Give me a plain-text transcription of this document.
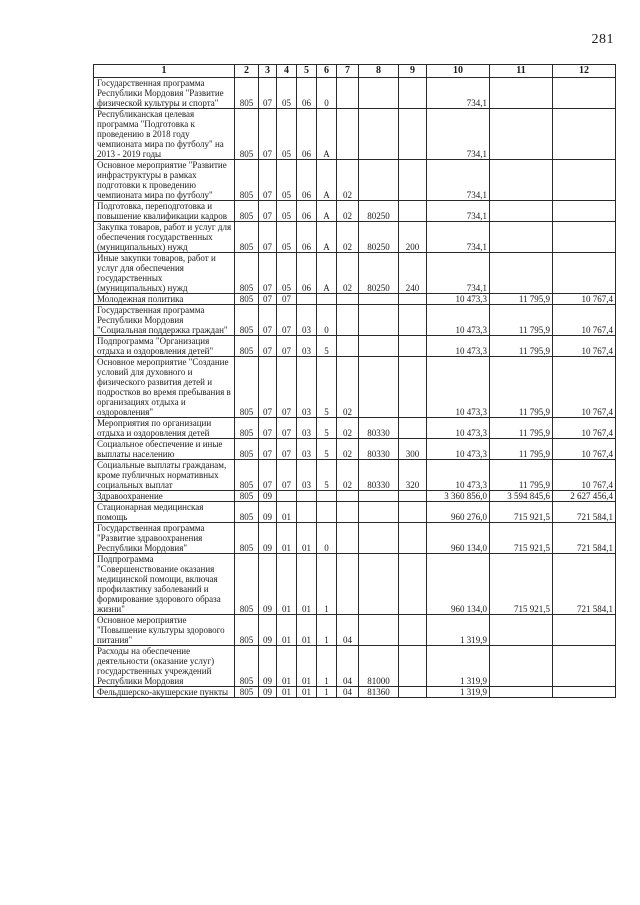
281
1	2	3	4	5	6	7	8	9	10	11	12
Государственная программа Республики Мордовия "Развитие физической культуры и спорта"	805	07	05	06	0				734,1		
Республиканская целевая программа "Подготовка к проведению в 2018 году чемпионата мира по футболу" на 2013 - 2019 годы	805	07	05	06	А				734,1		
Основное мероприятие "Развитие инфраструктуры в рамках подготовки к проведению чемпионата мира по футболу"	805	07	05	06	А	02			734,1		
Подготовка, переподготовка и повышение квалификации кадров	805	07	05	06	А	02	80250		734,1		
Закупка товаров, работ и услуг для обеспечения государственных (муниципальных) нужд	805	07	05	06	А	02	80250	200	734,1		
Иные закупки товаров, работ и услуг для обеспечения государственных (муниципальных) нужд	805	07	05	06	А	02	80250	240	734,1		
Молодежная политика	805	07	07						10 473,3	11 795,9	10 767,4
Государственная программа Республики Мордовия "Социальная поддержка граждан"	805	07	07	03	0				10 473,3	11 795,9	10 767,4
Подпрограмма "Организация отдыха и оздоровления детей"	805	07	07	03	5				10 473,3	11 795,9	10 767,4
Основное мероприятие "Создание условий для духовного и физического развития детей и подростков во время пребывания в организациях отдыха и оздоровления"	805	07	07	03	5	02			10 473,3	11 795,9	10 767,4
Мероприятия по организации отдыха и оздоровления детей	805	07	07	03	5	02	80330		10 473,3	11 795,9	10 767,4
Социальное обеспечение и иные выплаты населению	805	07	07	03	5	02	80330	300	10 473,3	11 795,9	10 767,4
Социальные выплаты гражданам, кроме публичных нормативных социальных выплат	805	07	07	03	5	02	80330	320	10 473,3	11 795,9	10 767,4
Здравоохранение	805	09							3 360 856,0	3 594 845,6	2 627 456,4
Стационарная медицинская помощь	805	09	01						960 276,0	715 921,5	721 584,1
Государственная программа "Развитие здравоохранения Республики Мордовия"	805	09	01	01	0				960 134,0	715 921,5	721 584,1
Подпрограмма "Совершенствование оказания медицинской помощи, включая профилактику заболеваний и формирование здорового образа жизни"	805	09	01	01	1				960 134,0	715 921,5	721 584,1
Основное мероприятие "Повышение культуры здорового питания"	805	09	01	01	1	04			1 319,9		
Расходы на обеспечение деятельности (оказание услуг) государственных учреждений Республики Мордовия	805	09	01	01	1	04	81000		1 319,9		
Фельдшерско-акушерские пункты	805	09	01	01	1	04	81360		1 319,9		
